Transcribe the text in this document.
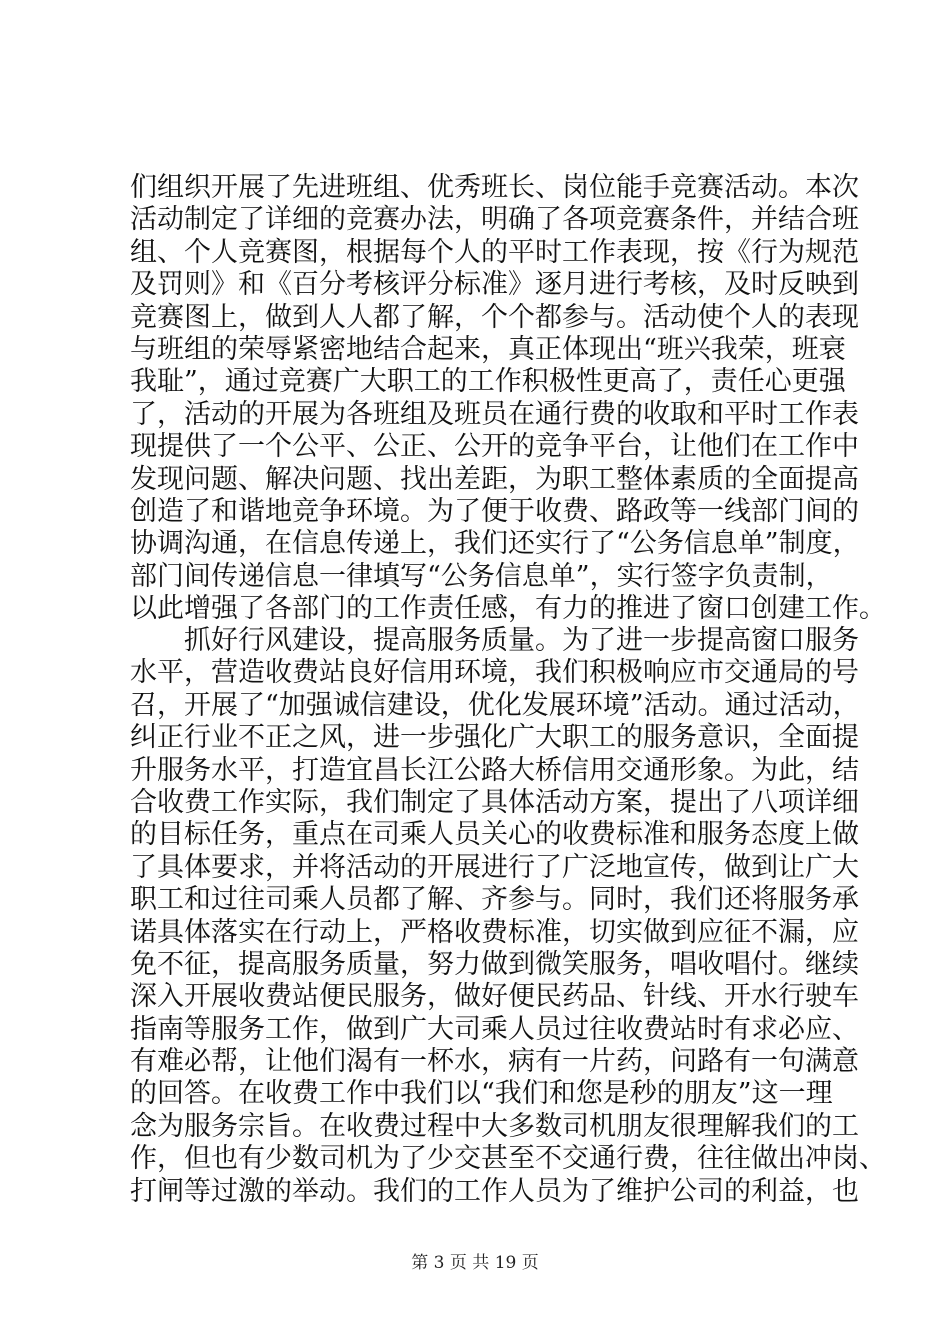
们组织开展了先进班组、优秀班长、岗位能手竞赛活动。本次
活动制定了详细的竞赛办法，明确了各项竞赛条件，并结合班
组、个人竞赛图，根据每个人的平时工作表现，按《行为规范
及罚则》和《百分考核评分标准》逐月进行考核，及时反映到
竞赛图上，做到人人都了解，个个都参与。活动使个人的表现
与班组的荣辱紧密地结合起来，真正体现出“班兴我荣，班衰
我耻”，通过竞赛广大职工的工作积极性更高了，责任心更强
了，活动的开展为各班组及班员在通行费的收取和平时工作表
现提供了一个公平、公正、公开的竞争平台，让他们在工作中
发现问题、解决问题、找出差距，为职工整体素质的全面提高
创造了和谐地竞争环境。为了便于收费、路政等一线部门间的
协调沟通，在信息传递上，我们还实行了“公务信息单”制度，
部门间传递信息一律填写“公务信息单”，实行签字负责制，
以此增强了各部门的工作责任感，有力的推进了窗口创建工作。
　　抓好行风建设，提高服务质量。为了进一步提高窗口服务
水平，营造收费站良好信用环境，我们积极响应市交通局的号
召，开展了“加强诚信建设，优化发展环境”活动。通过活动，
纠正行业不正之风，进一步强化广大职工的服务意识，全面提
升服务水平，打造宜昌长江公路大桥信用交通形象。为此，结
合收费工作实际，我们制定了具体活动方案，提出了八项详细
的目标任务，重点在司乘人员关心的收费标准和服务态度上做
了具体要求，并将活动的开展进行了广泛地宣传，做到让广大
职工和过往司乘人员都了解、齐参与。同时，我们还将服务承
诺具体落实在行动上，严格收费标准，切实做到应征不漏，应
免不征，提高服务质量，努力做到微笑服务，唱收唱付。继续
深入开展收费站便民服务，做好便民药品、针线、开水行驶车
指南等服务工作，做到广大司乘人员过往收费站时有求必应、
有难必帮，让他们渴有一杯水，病有一片药，问路有一句满意
的回答。在收费工作中我们以“我们和您是秒的朋友”这一理
念为服务宗旨。在收费过程中大多数司机朋友很理解我们的工
作，但也有少数司机为了少交甚至不交通行费，往往做出冲岗、
打闸等过激的举动。我们的工作人员为了维护公司的利益，也
第 3 页 共 19 页
